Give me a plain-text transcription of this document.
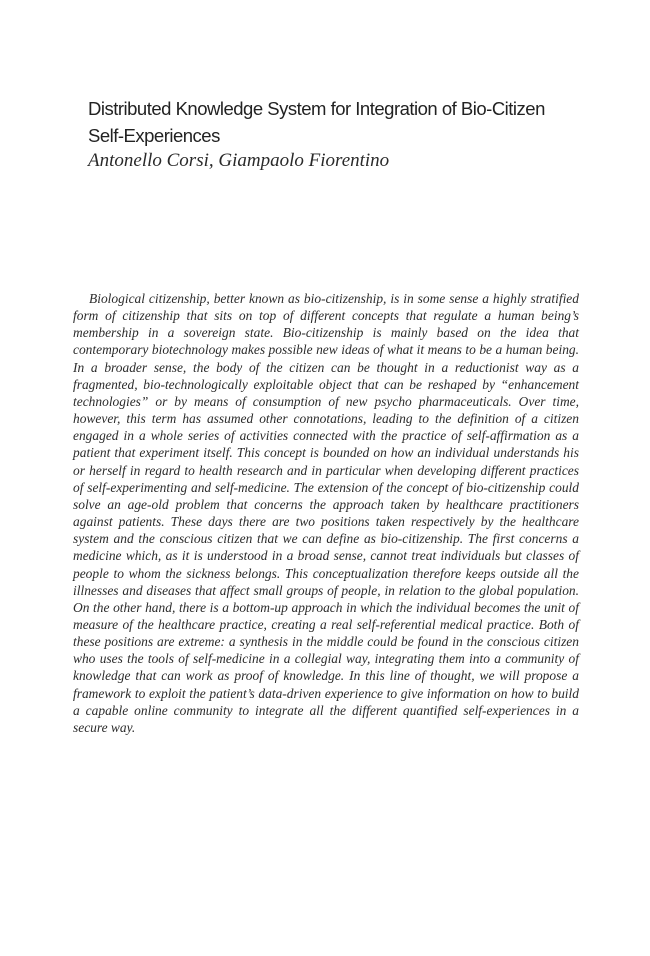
Distributed Knowledge System for Integration of Bio-Citizen Self-Experiences

Antonello Corsi, Giampaolo Fiorentino

Biological citizenship, better known as bio-citizenship, is in some sense a highly stratified form of citizenship that sits on top of different concepts that regulate a human being’s membership in a sovereign state. Bio-citizenship is mainly based on the idea that contemporary biotechnology makes possible new ideas of what it means to be a human being. In a broader sense, the body of the citizen can be thought in a reductionist way as a fragmented, bio-technologically exploitable object that can be reshaped by “enhancement technologies” or by means of consumption of new psycho pharmaceuticals. Over time, however, this term has assumed other connotations, leading to the definition of a citizen engaged in a whole series of activities connected with the practice of self-affirmation as a patient that experiment itself. This concept is bounded on how an individual understands his or herself in regard to health research and in particular when developing different practices of self-experimenting and self-medicine. The extension of the concept of bio-citizenship could solve an age-old problem that concerns the approach taken by healthcare practitioners against patients. These days there are two positions taken respectively by the healthcare system and the conscious citizen that we can define as bio-citizenship. The first concerns a medicine which, as it is understood in a broad sense, cannot treat individuals but classes of people to whom the sickness belongs. This conceptualization therefore keeps outside all the illnesses and diseases that affect small groups of people, in relation to the global population. On the other hand, there is a bottom-up approach in which the individual becomes the unit of measure of the healthcare practice, creating a real self-referential medical practice. Both of these positions are extreme: a synthesis in the middle could be found in the conscious citizen who uses the tools of self-medicine in a collegial way, integrating them into a community of knowledge that can work as proof of knowledge. In this line of thought, we will propose a framework to exploit the patient’s data-driven experience to give information on how to build a capable online community to integrate all the different quantified self-experiences in a secure way.
